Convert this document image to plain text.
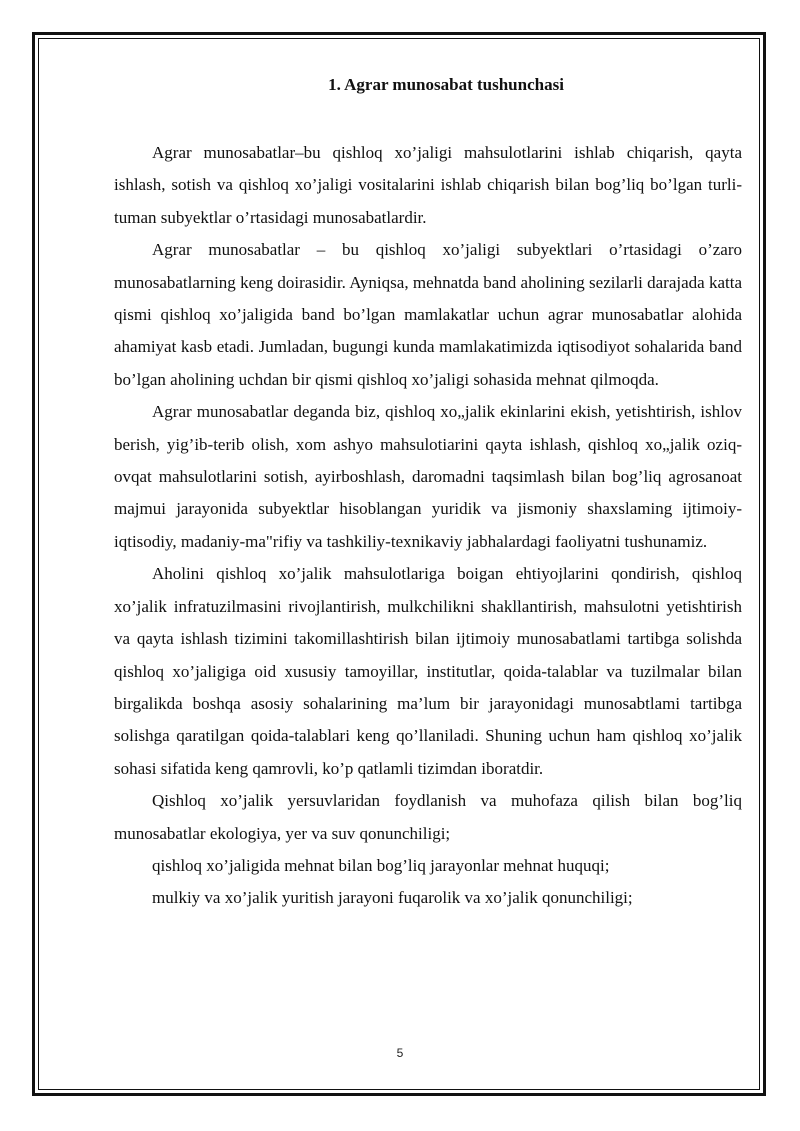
1. Agrar munosabat tushunchasi

Agrar munosabatlar–bu qishloq xo’jaligi mahsulotlarini ishlab chiqarish, qayta ishlash, sotish va qishloq xo’jaligi vositalarini ishlab chiqarish bilan bog’liq bo’lgan turli-tuman subyektlar o’rtasidagi munosabatlardir.

Agrar munosabatlar – bu qishloq xo’jaligi subyektlari o’rtasidagi o’zaro munosabatlarning keng doirasidir. Ayniqsa, mehnatda band aholining sezilarli darajada katta qismi qishloq xo’jaligida band bo’lgan mamlakatlar uchun agrar munosabatlar alohida ahamiyat kasb etadi. Jumladan, bugungi kunda mamlakatimizda iqtisodiyot sohalarida band bo’lgan aholining uchdan bir qismi qishloq xo’jaligi sohasida mehnat qilmoqda.

Agrar munosabatlar deganda biz, qishloq xo„jalik ekinlarini ekish, yetishtirish, ishlov berish, yig’ib-terib olish, xom ashyo mahsulotiarini qayta ishlash, qishloq xo„jalik oziq-ovqat mahsulotlarini sotish, ayirboshlash, daromadni taqsimlash bilan bog’liq agrosanoat majmui jarayonida subyektlar hisoblangan yuridik va jismoniy shaxslaming ijtimoiy-iqtisodiy, madaniy-ma"rifiy va tashkiliy-texnikaviy jabhalardagi faoliyatni tushunamiz.

Aholini qishloq xo’jalik mahsulotlariga boigan ehtiyojlarini qondirish, qishloq xo’jalik infratuzilmasini rivojlantirish, mulkchilikni shakllantirish, mahsulotni yetishtirish va qayta ishlash tizimini takomillashtirish bilan ijtimoiy munosabatlami tartibga solishda qishloq xo’jaligiga oid xususiy tamoyillar, institutlar, qoida-talablar va tuzilmalar bilan birgalikda boshqa asosiy sohalarining ma’lum bir jarayonidagi munosabtlami tartibga solishga qaratilgan qoida-talablari keng qo’llaniladi. Shuning uchun ham qishloq xo’jalik sohasi sifatida keng qamrovli, ko’p qatlamli tizimdan iboratdir.

Qishloq xo’jalik yersuvlaridan foydlanish va muhofaza qilish bilan bog’liq munosabatlar ekologiya, yer va suv qonunchiligi;

qishloq xo’jaligida mehnat bilan bog’liq jarayonlar mehnat huquqi;

mulkiy va xo’jalik yuritish jarayoni fuqarolik va xo’jalik qonunchiligi;

5
